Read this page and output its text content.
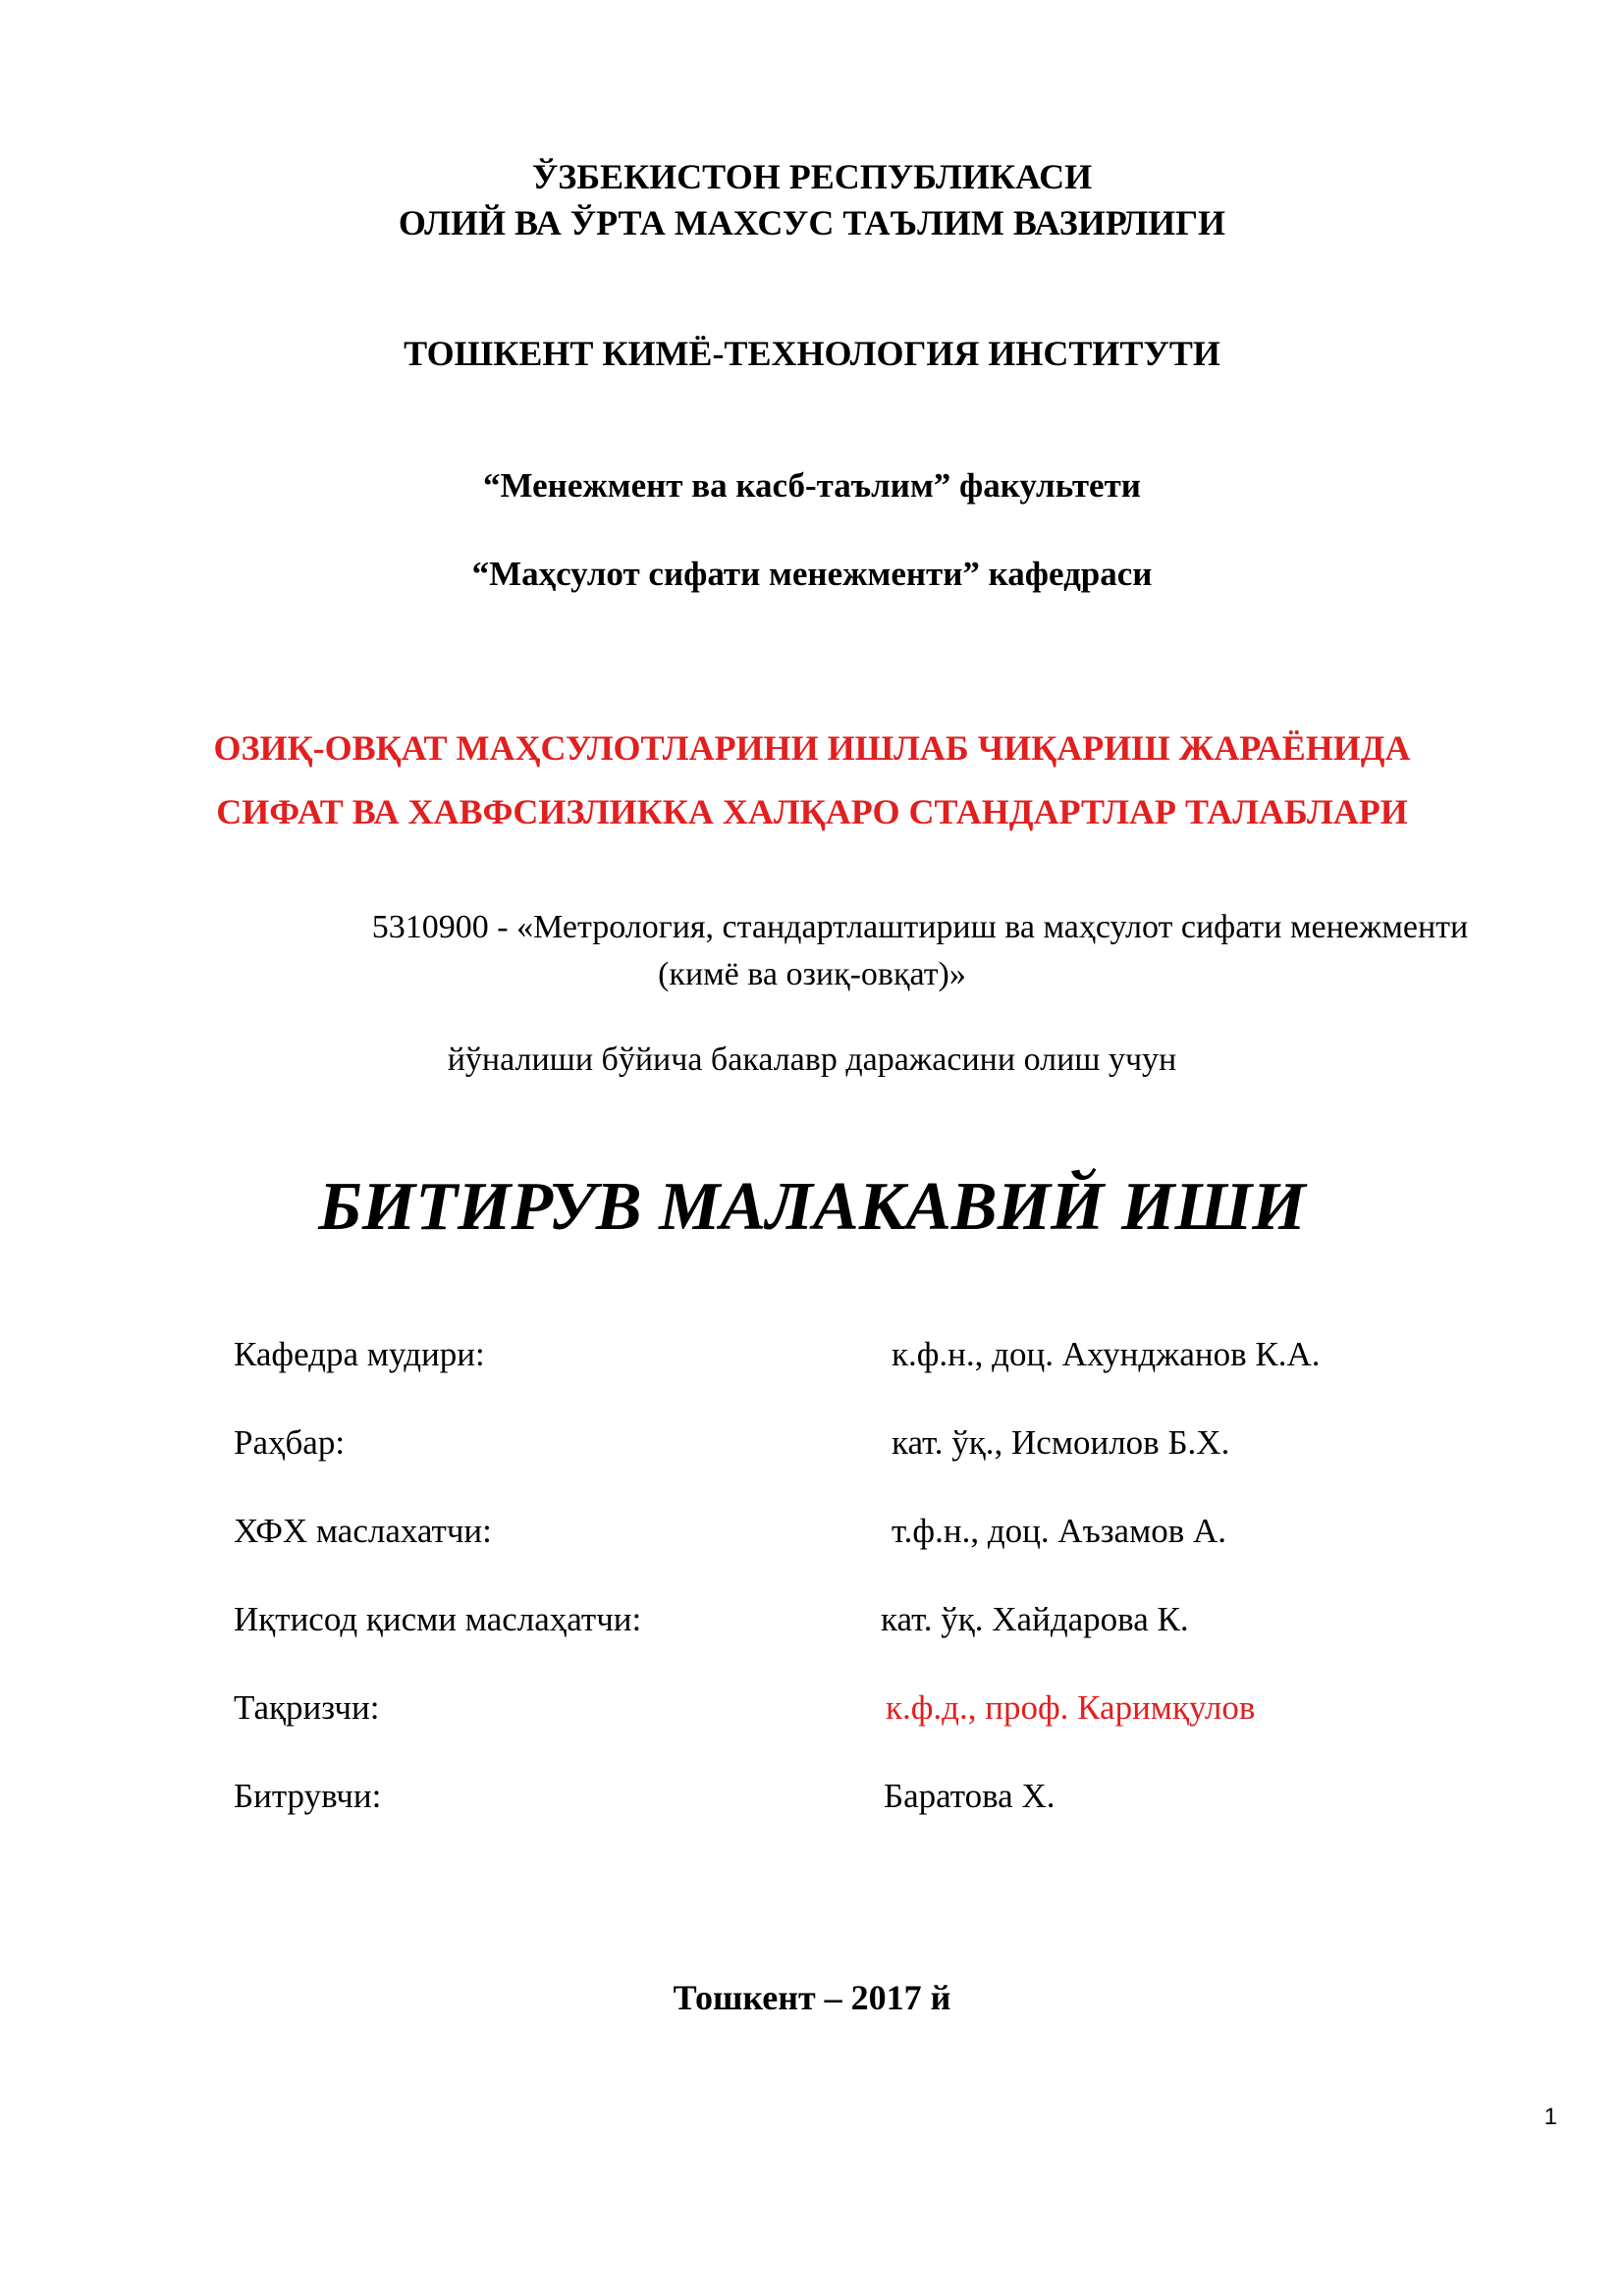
ЎЗБЕКИСТОН РЕСПУБЛИКАСИ
ОЛИЙ ВА ЎРТА МАХСУС ТАЪЛИМ ВАЗИРЛИГИ
ТОШКЕНТ КИМЁ-ТЕХНОЛОГИЯ ИНСТИТУТИ
“Менежмент ва касб-таълим” факультети
“Маҳсулот сифати менежменти” кафедраси
ОЗИҚ-ОВҚАТ МАҲСУЛОТЛАРИНИ ИШЛАБ ЧИҚАРИШ ЖАРАЁНИДА
СИФАТ ВА ХАВФСИЗЛИККА ХАЛҚАРО СТАНДАРТЛАР ТАЛАБЛАРИ
5310900 - «Метрология, стандартлаштириш ва маҳсулот сифати менежменти
(кимё ва озиқ-овқат)»
йўналиши бўйича бакалавр даражасини олиш учун
БИТИРУВ МАЛАКАВИЙ ИШИ
Кафедра мудири:	к.ф.н., доц. Ахунджанов К.А.
Раҳбар:	кат. ўқ., Исмоилов Б.Х.
ХФХ маслахатчи:	т.ф.н., доц. Аъзамов А.
Иқтисод қисми маслаҳатчи:	кат. ўқ. Хайдарова К.
Тақризчи:	к.ф.д., проф. Каримқулов
Битрувчи:	Баратова Х.
Тошкент – 2017 й
1
